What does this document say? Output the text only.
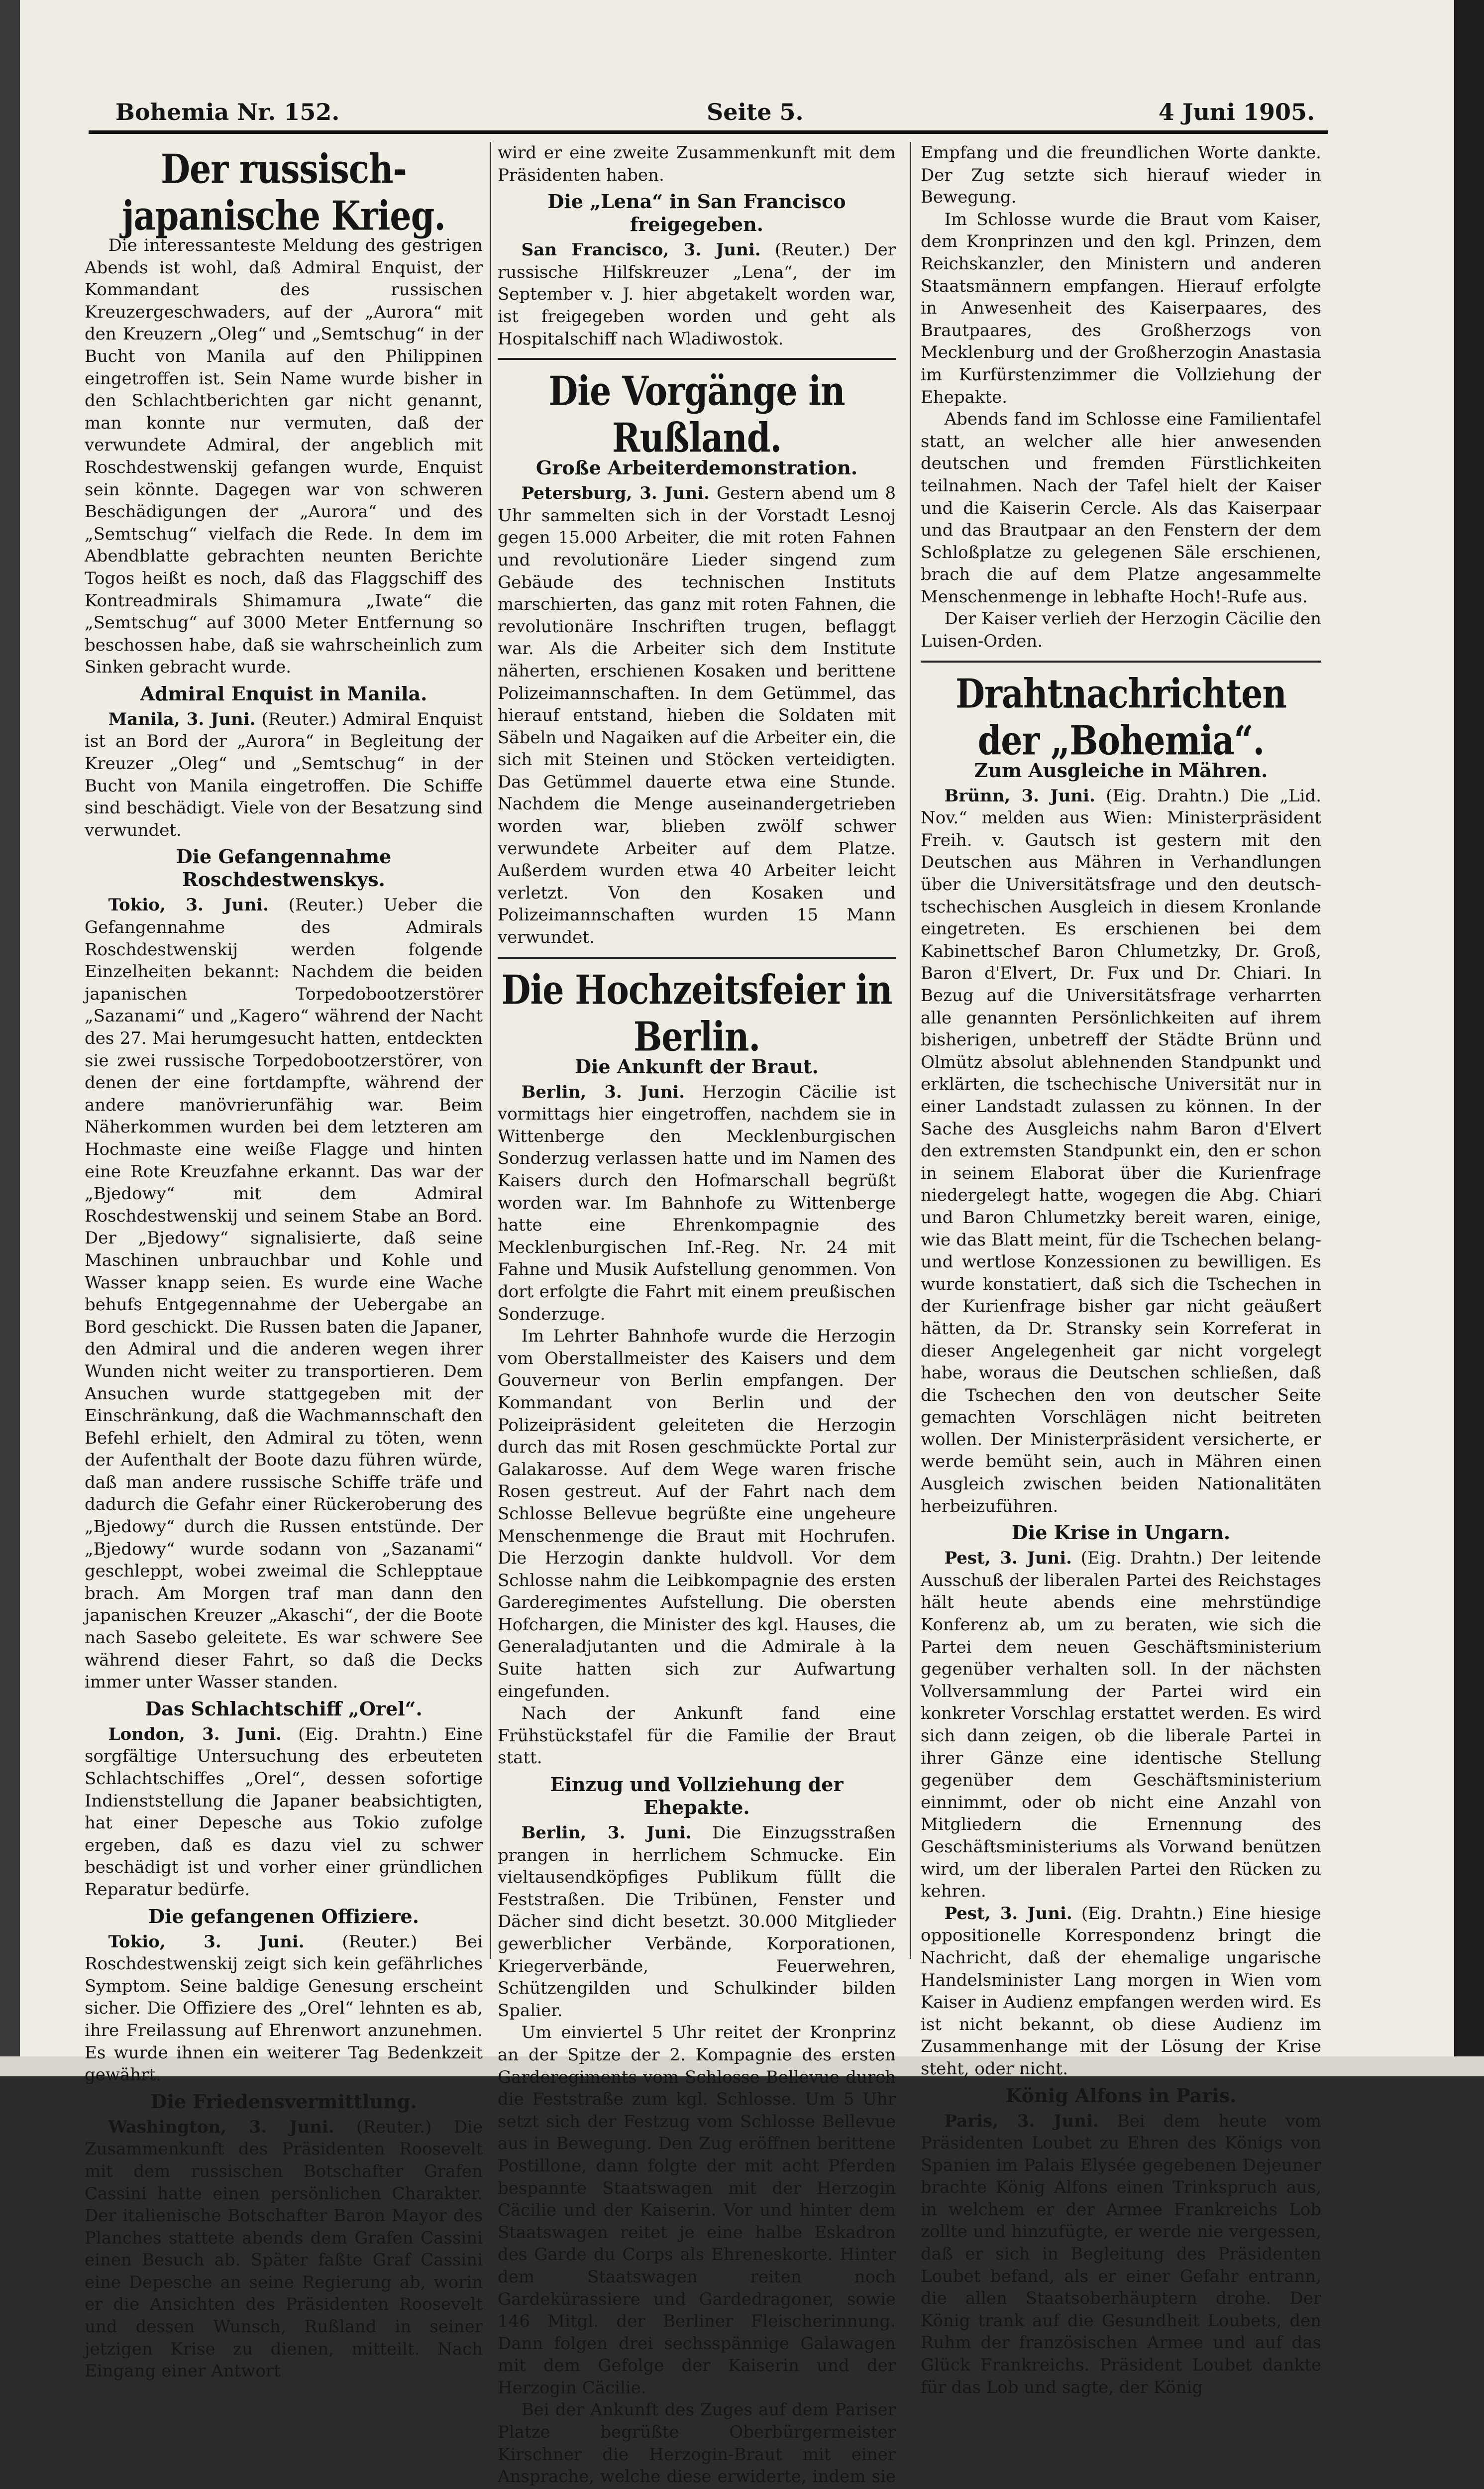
Bohemia Nr. 152.	Seite 5.	4 Juni 1905.
Der russisch-japanische Krieg.

Die interessanteste Meldung des gestrigen Abends ist wohl, daß Admiral Enquist, der Kommandant des russischen Kreuzergeschwaders, auf der „Aurora“ mit den Kreuzern „Oleg“ und „Semtschug“ in der Bucht von Manila auf den Philippinen eingetroffen ist. Sein Name wurde bisher in den Schlachtberichten gar nicht genannt, man konnte nur vermuten, daß der verwundete Admiral, der angeblich mit Roschdestwenskij gefangen wurde, Enquist sein könnte. Dagegen war von schweren Beschädigungen der „Aurora“ und des „Semtschug“ vielfach die Rede. In dem im Abendblatte gebrachten neunten Berichte Togos heißt es noch, daß das Flaggschiff des Kontreadmirals Shimamura „Iwate“ die „Semtschug“ auf 3000 Meter Entfernung so beschossen habe, daß sie wahrscheinlich zum Sinken gebracht wurde.

Admiral Enquist in Manila.

Manila, 3. Juni. (Reuter.) Admiral Enquist ist an Bord der „Aurora“ in Begleitung der Kreuzer „Oleg“ und „Semtschug“ in der Bucht von Manila eingetroffen. Die Schiffe sind beschädigt. Viele von der Besatzung sind verwundet.

Die Gefangennahme Roschdestwenskys.

Tokio, 3. Juni. (Reuter.) Ueber die Gefangennahme des Admirals Roschdestwenskij werden folgende Einzelheiten bekannt: Nachdem die beiden japanischen Torpedobootzerstörer „Sazanami“ und „Kagero“ während der Nacht des 27. Mai herumgesucht hatten, entdeckten sie zwei russische Torpedobootzerstörer, von denen der eine fortdampfte, während der andere manövrierunfähig war. Beim Näherkommen wurden bei dem letzteren am Hochmaste eine weiße Flagge und hinten eine Rote Kreuzfahne erkannt. Das war der „Bjedowy“ mit dem Admiral Roschdestwenskij und seinem Stabe an Bord. Der „Bjedowy“ signalisierte, daß seine Maschinen unbrauchbar und Kohle und Wasser knapp seien. Es wurde eine Wache behufs Entgegennahme der Uebergabe an Bord geschickt. Die Russen baten die Japaner, den Admiral und die anderen wegen ihrer Wunden nicht weiter zu transportieren. Dem Ansuchen wurde stattgegeben mit der Einschränkung, daß die Wachmannschaft den Befehl erhielt, den Admiral zu töten, wenn der Aufenthalt der Boote dazu führen würde, daß man andere russische Schiffe träfe und dadurch die Gefahr einer Rückeroberung des „Bjedowy“ durch die Russen entstünde. Der „Bjedowy“ wurde sodann von „Sazanami“ geschleppt, wobei zweimal die Schlepptaue brach. Am Morgen traf man dann den japanischen Kreuzer „Akaschi“, der die Boote nach Sasebo geleitete. Es war schwere See während dieser Fahrt, so daß die Decks immer unter Wasser standen.

Das Schlachtschiff „Orel“.

London, 3. Juni. (Eig. Drahtn.) Eine sorgfältige Untersuchung des erbeuteten Schlachtschiffes „Orel“, dessen sofortige Indienststellung die Japaner beabsichtigten, hat einer Depesche aus Tokio zufolge ergeben, daß es dazu viel zu schwer beschädigt ist und vorher einer gründlichen Reparatur bedürfe.

Die gefangenen Offiziere.

Tokio, 3. Juni. (Reuter.) Bei Roschdestwenskij zeigt sich kein gefährliches Symptom. Seine baldige Genesung erscheint sicher. Die Offiziere des „Orel“ lehnten es ab, ihre Freilassung auf Ehrenwort anzunehmen. Es wurde ihnen ein weiterer Tag Bedenkzeit gewährt.

Die Friedensvermittlung.

Washington, 3. Juni. (Reuter.) Die Zusammenkunft des Präsidenten Roosevelt mit dem russischen Botschafter Grafen Cassini hatte einen persönlichen Charakter. Der italienische Botschafter Baron Mayor des Planches stattete abends dem Grafen Cassini einen Besuch ab. Später faßte Graf Cassini eine Depesche an seine Regierung ab, worin er die Ansichten des Präsidenten Roosevelt und dessen Wunsch, Rußland in seiner jetzigen Krise zu dienen, mitteilt. Nach Eingang einer Antwort

wird er eine zweite Zusammenkunft mit dem Präsidenten haben.

Die „Lena“ in San Francisco freigegeben.

San Francisco, 3. Juni. (Reuter.) Der russische Hilfskreuzer „Lena“, der im September v. J. hier abgetakelt worden war, ist freigegeben worden und geht als Hospitalschiff nach Wladiwostok.

Die Vorgänge in Rußland.
Große Arbeiterdemonstration.

Petersburg, 3. Juni. Gestern abend um 8 Uhr sammelten sich in der Vorstadt Lesnoj gegen 15.000 Arbeiter, die mit roten Fahnen und revolutionäre Lieder singend zum Gebäude des technischen Instituts marschierten, das ganz mit roten Fahnen, die revolutionäre Inschriften trugen, beflaggt war. Als die Arbeiter sich dem Institute näherten, erschienen Kosaken und berittene Polizeimannschaften. In dem Getümmel, das hierauf entstand, hieben die Soldaten mit Säbeln und Nagaiken auf die Arbeiter ein, die sich mit Steinen und Stöcken verteidigten. Das Getümmel dauerte etwa eine Stunde. Nachdem die Menge auseinandergetrieben worden war, blieben zwölf schwer verwundete Arbeiter auf dem Platze. Außerdem wurden etwa 40 Arbeiter leicht verletzt. Von den Kosaken und Polizeimannschaften wurden 15 Mann verwundet.

Die Hochzeitsfeier in Berlin.
Die Ankunft der Braut.

Berlin, 3. Juni. Herzogin Cäcilie ist vormittags hier eingetroffen, nachdem sie in Wittenberge den Mecklenburgischen Sonderzug verlassen hatte und im Namen des Kaisers durch den Hofmarschall begrüßt worden war. Im Bahnhofe zu Wittenberge hatte eine Ehrenkompagnie des Mecklenburgischen Inf.-Reg. Nr. 24 mit Fahne und Musik Aufstellung genommen. Von dort erfolgte die Fahrt mit einem preußischen Sonderzuge.

Im Lehrter Bahnhofe wurde die Herzogin vom Oberstallmeister des Kaisers und dem Gouverneur von Berlin empfangen. Der Kommandant von Berlin und der Polizeipräsident geleiteten die Herzogin durch das mit Rosen geschmückte Portal zur Galakarosse. Auf dem Wege waren frische Rosen gestreut. Auf der Fahrt nach dem Schlosse Bellevue begrüßte eine ungeheure Menschenmenge die Braut mit Hochrufen. Die Herzogin dankte huldvoll. Vor dem Schlosse nahm die Leibkompagnie des ersten Garderegimentes Aufstellung. Die obersten Hofchargen, die Minister des kgl. Hauses, die Generaladjutanten und die Admirale à la Suite hatten sich zur Aufwartung eingefunden.

Nach der Ankunft fand eine Frühstückstafel für die Familie der Braut statt.

Einzug und Vollziehung der Ehepakte.

Berlin, 3. Juni. Die Einzugsstraßen prangen in herrlichem Schmucke. Ein vieltausendköpfiges Publikum füllt die Feststraßen. Die Tribünen, Fenster und Dächer sind dicht besetzt. 30.000 Mitglieder gewerblicher Verbände, Korporationen, Kriegerverbände, Feuerwehren, Schützengilden und Schulkinder bilden Spalier.

Um einviertel 5 Uhr reitet der Kronprinz an der Spitze der 2. Kompagnie des ersten Garderegiments vom Schlosse Bellevue durch die Feststraße zum kgl. Schlosse. Um 5 Uhr setzt sich der Festzug vom Schlosse Bellevue aus in Bewegung. Den Zug eröffnen berittene Postillone, dann folgte der mit acht Pferden bespannte Staatswagen mit der Herzogin Cäcilie und der Kaiserin. Vor und hinter dem Staatswagen reitet je eine halbe Eskadron des Garde du Corps als Ehreneskorte. Hinter dem Staatswagen reiten noch Gardekürassiere und Gardedragoner, sowie 146 Mitgl. der Berliner Fleischerinnung. Dann folgen drei sechsspännige Galawagen mit dem Gefolge der Kaiserin und der Herzogin Cäcilie.

Bei der Ankunft des Zuges auf dem Pariser Platze begrüßte Oberbürgermeister Kirschner die Herzogin-Braut mit einer Ansprache, welche diese erwiderte, indem sie

Empfang und die freundlichen Worte dankte. Der Zug setzte sich hierauf wieder in Bewegung.

Im Schlosse wurde die Braut vom Kaiser, dem Kronprinzen und den kgl. Prinzen, dem Reichskanzler, den Ministern und anderen Staatsmännern empfangen. Hierauf erfolgte in Anwesenheit des Kaiserpaares, des Brautpaares, des Großherzogs von Mecklenburg und der Großherzogin Anastasia im Kurfürstenzimmer die Vollziehung der Ehepakte.

Abends fand im Schlosse eine Familientafel statt, an welcher alle hier anwesenden deutschen und fremden Fürstlichkeiten teilnahmen. Nach der Tafel hielt der Kaiser und die Kaiserin Cercle. Als das Kaiserpaar und das Brautpaar an den Fenstern der dem Schloßplatze zu gelegenen Säle erschienen, brach die auf dem Platze angesammelte Menschenmenge in lebhafte Hoch!-Rufe aus.

Der Kaiser verlieh der Herzogin Cäcilie den Luisen-Orden.

Drahtnachrichten der „Bohemia“.
Zum Ausgleiche in Mähren.

Brünn, 3. Juni. (Eig. Drahtn.) Die „Lid. Nov.“ melden aus Wien: Ministerpräsident Freih. v. Gautsch ist gestern mit den Deutschen aus Mähren in Verhandlungen über die Universitätsfrage und den deutsch-tschechischen Ausgleich in diesem Kronlande eingetreten. Es erschienen bei dem Kabinettschef Baron Chlumetzky, Dr. Groß, Baron d'Elvert, Dr. Fux und Dr. Chiari. In Bezug auf die Universitätsfrage verharrten alle genannten Persönlichkeiten auf ihrem bisherigen, unbetreff der Städte Brünn und Olmütz absolut ablehnenden Standpunkt und erklärten, die tschechische Universität nur in einer Landstadt zulassen zu können. In der Sache des Ausgleichs nahm Baron d'Elvert den extremsten Standpunkt ein, den er schon in seinem Elaborat über die Kurienfrage niedergelegt hatte, wogegen die Abg. Chiari und Baron Chlumetzky bereit waren, einige, wie das Blatt meint, für die Tschechen belang- und wertlose Konzessionen zu bewilligen. Es wurde konstatiert, daß sich die Tschechen in der Kurienfrage bisher gar nicht geäußert hätten, da Dr. Stransky sein Korreferat in dieser Angelegenheit gar nicht vorgelegt habe, woraus die Deutschen schließen, daß die Tschechen den von deutscher Seite gemachten Vorschlägen nicht beitreten wollen. Der Ministerpräsident versicherte, er werde bemüht sein, auch in Mähren einen Ausgleich zwischen beiden Nationalitäten herbeizuführen.

Die Krise in Ungarn.

Pest, 3. Juni. (Eig. Drahtn.) Der leitende Ausschuß der liberalen Partei des Reichstages hält heute abends eine mehrstündige Konferenz ab, um zu beraten, wie sich die Partei dem neuen Geschäftsministerium gegenüber verhalten soll. In der nächsten Vollversammlung der Partei wird ein konkreter Vorschlag erstattet werden. Es wird sich dann zeigen, ob die liberale Partei in ihrer Gänze eine identische Stellung gegenüber dem Geschäftsministerium einnimmt, oder ob nicht eine Anzahl von Mitgliedern die Ernennung des Geschäftsministeriums als Vorwand benützen wird, um der liberalen Partei den Rücken zu kehren.

Pest, 3. Juni. (Eig. Drahtn.) Eine hiesige oppositionelle Korrespondenz bringt die Nachricht, daß der ehemalige ungarische Handelsminister Lang morgen in Wien vom Kaiser in Audienz empfangen werden wird. Es ist nicht bekannt, ob diese Audienz im Zusammenhange mit der Lösung der Krise steht, oder nicht.

König Alfons in Paris.

Paris, 3. Juni. Bei dem heute vom Präsidenten Loubet zu Ehren des Königs von Spanien im Palais Elysée gegebenen Dejeuner brachte König Alfons einen Trinkspruch aus, in welchem er der Armee Frankreichs Lob zollte und hinzufügte, er werde nie vergessen, daß er sich in Begleitung des Präsidenten Loubet befand, als er einer Gefahr entrann, die allen Staatsoberhäuptern drohe. Der König trank auf die Gesundheit Loubets, den Ruhm der französischen Armee und auf das Glück Frankreichs. Präsident Loubet dankte für das Lob und sagte, der König
